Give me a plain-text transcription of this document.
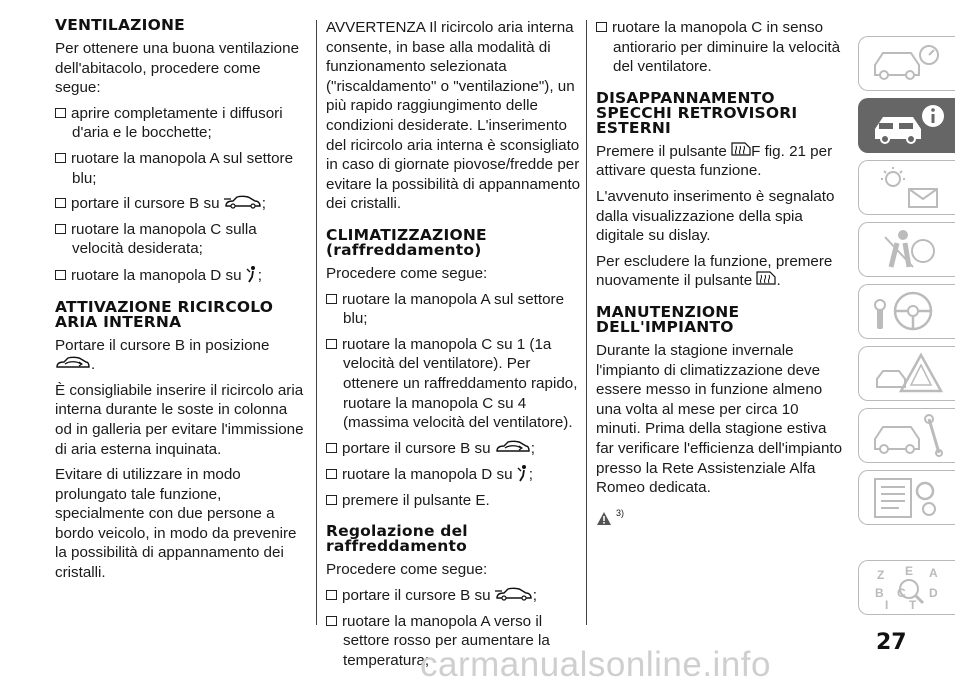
VENTILAZIONE

Per ottenere una buona ventilazione dell'abitacolo, procedere come segue:

aprire completamente i diffusori d'aria e le bocchette;
ruotare la manopola A sul settore blu;
portare il cursore B su	;
ruotare la manopola C sulla velocità desiderata;
ruotare la manopola D su ;
ATTIVAZIONE RICIRCOLO ARIA INTERNA

Portare il cursore B in posizione .

È consigliabile inserire il ricircolo aria interna durante le soste in colonna od in galleria per evitare l'immissione di aria esterna inquinata.

Evitare di utilizzare in modo prolungato tale funzione, specialmente con due persone a bordo veicolo, in modo da prevenire la possibilità di appannamento dei cristalli.

AVVERTENZA Il ricircolo aria interna consente, in base alla modalità di funzionamento selezionata ("riscaldamento" o "ventilazione"), un più rapido raggiungimento delle condizioni desiderate. L'inserimento del ricircolo aria interna è sconsigliato in caso di giornate piovose/fredde per evitare la possibilità di appannamento dei cristalli.

CLIMATIZZAZIONE (raffreddamento)

Procedere come segue:

ruotare la manopola A sul settore blu;
ruotare la manopola C su 1 (1a velocità del ventilatore). Per ottenere un raffreddamento rapido, ruotare la manopola C su 4 (massima velocità del ventilatore).
portare il cursore B su	;
ruotare la manopola D su ;
premere il pulsante E.
Regolazione del raffreddamento

Procedere come segue:

portare il cursore B su	;
ruotare la manopola A verso il settore rosso per aumentare la temperatura;
ruotare la manopola C in senso antiorario per diminuire la velocità del ventilatore.
DISAPPANNAMENTO SPECCHI RETROVISORI ESTERNI

Premere il pulsante F fig. 21 per attivare questa funzione.

L'avvenuto inserimento è segnalato dalla visualizzazione della spia digitale su dislay.

Per escludere la funzione, premere nuovamente il pulsante .

MANUTENZIONE DELL'IMPIANTO

Durante la stagione invernale l'impianto di climatizzazione deve essere messo in funzione almeno una volta al mese per circa 10 minuti. Prima della stagione estiva far verificare l'efficienza dell'impianto presso la Rete Assistenziale Alfa Romeo dedicata.

$^{3)}$

Z E A
B C D
I T
27
carmanualsonline.info
